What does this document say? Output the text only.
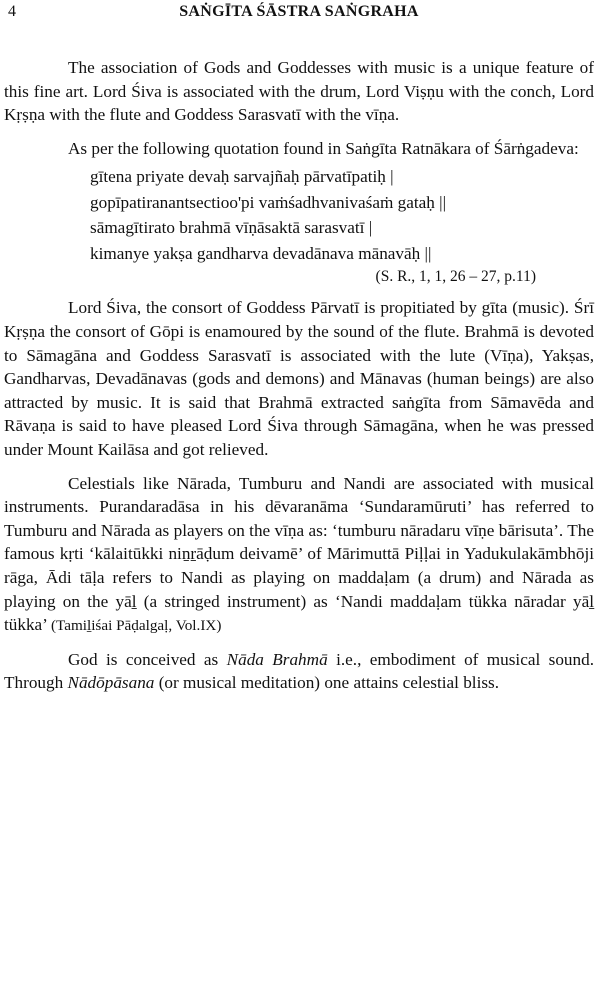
4	SAṄGĪTA ŚĀSTRA SAṄGRAHA

The association of Gods and Goddesses with music is a unique feature of this fine art. Lord Śiva is associated with the drum, Lord Viṣṇu with the conch, Lord Kṛṣṇa with the flute and Goddess Sarasvatī with the vīṇa.

As per the following quotation found in Saṅgīta Ratnākara of Śārṅgadeva:

gītena priyate devaḥ sarvajñaḥ pārvatīpatiḥ |
gopīpatiranantsectioo'pi vaṁśadhvanivaśaṁ gataḥ ||
sāmagītirato brahmā vīṇāsaktā sarasvatī |
kimanye yakṣa gandharva devadānava mānavāḥ ||
(S. R., 1, 1, 26 – 27, p.11)

Lord Śiva, the consort of Goddess Pārvatī is propitiated by gīta (music). Śrī Kṛṣṇa the consort of Gōpi is enamoured by the sound of the flute. Brahmā is devoted to Sāmagāna and Goddess Sarasvatī is associated with the lute (Vīṇa), Yakṣas, Gandharvas, Devadānavas (gods and demons) and Mānavas (human beings) are also attracted by music. It is said that Brahmā extracted saṅgīta from Sāmavēda and Rāvaṇa is said to have pleased Lord Śiva through Sāmagāna, when he was pressed under Mount Kailāsa and got relieved.

Celestials like Nārada, Tumburu and Nandi are associated with musical instruments. Purandaradāsa in his dēvaranāma ‘Sundaramūruti’ has referred to Tumburu and Nārada as players on the vīṇa as: ‘tumburu nāradaru vīṇe bārisuta’. The famous kṛti ‘kālaitūkki niṉṟāḍum deivamē’ of Mārimuttā Piḷḷai in Yadukulakāmbhōji rāga, Ādi tāḷa refers to Nandi as playing on maddaḷam (a drum) and Nārada as playing on the yāḻ (a stringed instrument) as ‘Nandi maddaḷam tükka nāradar yāḻ tükka’ (Tamiḻiśai Pāḍalgaḷ, Vol.IX)

God is conceived as Nāda Brahmā i.e., embodiment of musical sound. Through Nādōpāsana (or musical meditation) one attains celestial bliss.
